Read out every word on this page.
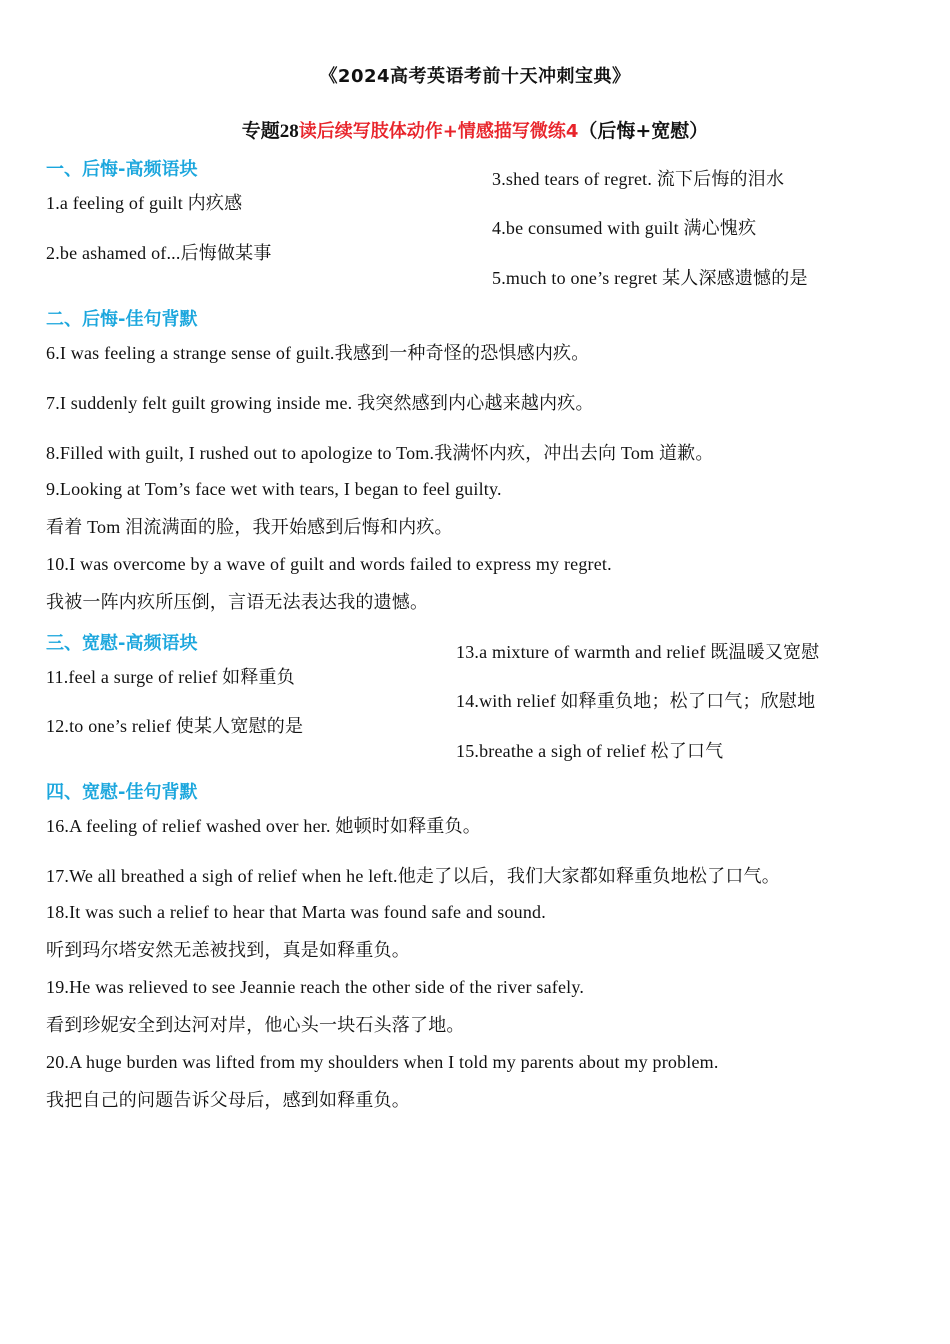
《2024高考英语考前十天冲刺宝典》
专题28读后续写肢体动作+情感描写微练4（后悔+宽慰）
一、后悔-高频语块
1.a feeling of guilt 内疚感
2.be ashamed of...后悔做某事
3.shed tears of regret. 流下后悔的泪水
4.be consumed with guilt 满心愧疚
5.much to one’s regret 某人深感遗憾的是
二、后悔-佳句背默
6.I was feeling a strange sense of guilt.我感到一种奇怪的恐惧感内疚。
7.I suddenly felt guilt growing inside me. 我突然感到内心越来越内疚。
8.Filled with guilt, I rushed out to apologize to Tom.我满怀内疚，冲出去向 Tom 道歉。
9.Looking at Tom’s face wet with tears, I began to feel guilty.
看着 Tom 泪流满面的脸，我开始感到后悔和内疚。
10.I was overcome by a wave of guilt and words failed to express my regret.
我被一阵内疚所压倒，言语无法表达我的遗憾。
三、宽慰-高频语块
11.feel a surge of relief 如释重负
12.to one’s relief 使某人宽慰的是
13.a mixture of warmth and relief 既温暖又宽慰
14.with relief 如释重负地；松了口气；欣慰地
15.breathe a sigh of relief 松了口气
四、宽慰-佳句背默
16.A feeling of relief washed over her. 她顿时如释重负。
17.We all breathed a sigh of relief when he left.他走了以后，我们大家都如释重负地松了口气。
18.It was such a relief to hear that Marta was found safe and sound.
听到玛尔塔安然无恙被找到，真是如释重负。
19.He was relieved to see Jeannie reach the other side of the river safely.
看到珍妮安全到达河对岸，他心头一块石头落了地。
20.A huge burden was lifted from my shoulders when I told my parents about my problem.
我把自己的问题告诉父母后，感到如释重负。
